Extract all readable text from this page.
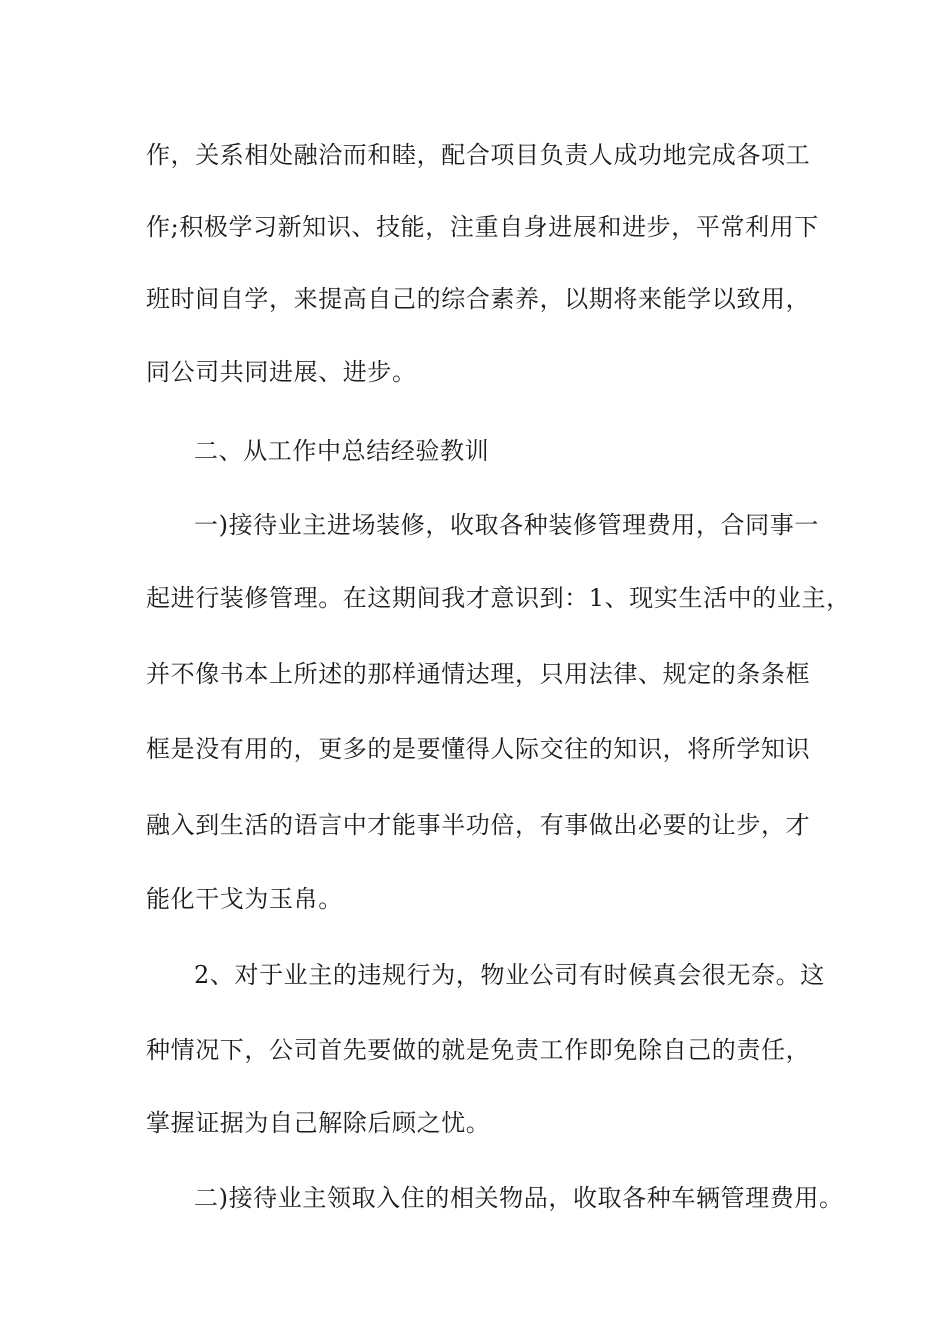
作，关系相处融洽而和睦，配合项目负责人成功地完成各项工
作;积极学习新知识、技能，注重自身进展和进步，平常利用下
班时间自学，来提高自己的综合素养，以期将来能学以致用，
同公司共同进展、进步。
二、从工作中总结经验教训
一)接待业主进场装修，收取各种装修管理费用，合同事一
起进行装修管理。在这期间我才意识到：1、现实生活中的业主，
并不像书本上所述的那样通情达理，只用法律、规定的条条框
框是没有用的，更多的是要懂得人际交往的知识，将所学知识
融入到生活的语言中才能事半功倍，有事做出必要的让步，才
能化干戈为玉帛。
2、对于业主的违规行为，物业公司有时候真会很无奈。这
种情况下，公司首先要做的就是免责工作即免除自己的责任，
掌握证据为自己解除后顾之忧。
二)接待业主领取入住的相关物品，收取各种车辆管理费用。
